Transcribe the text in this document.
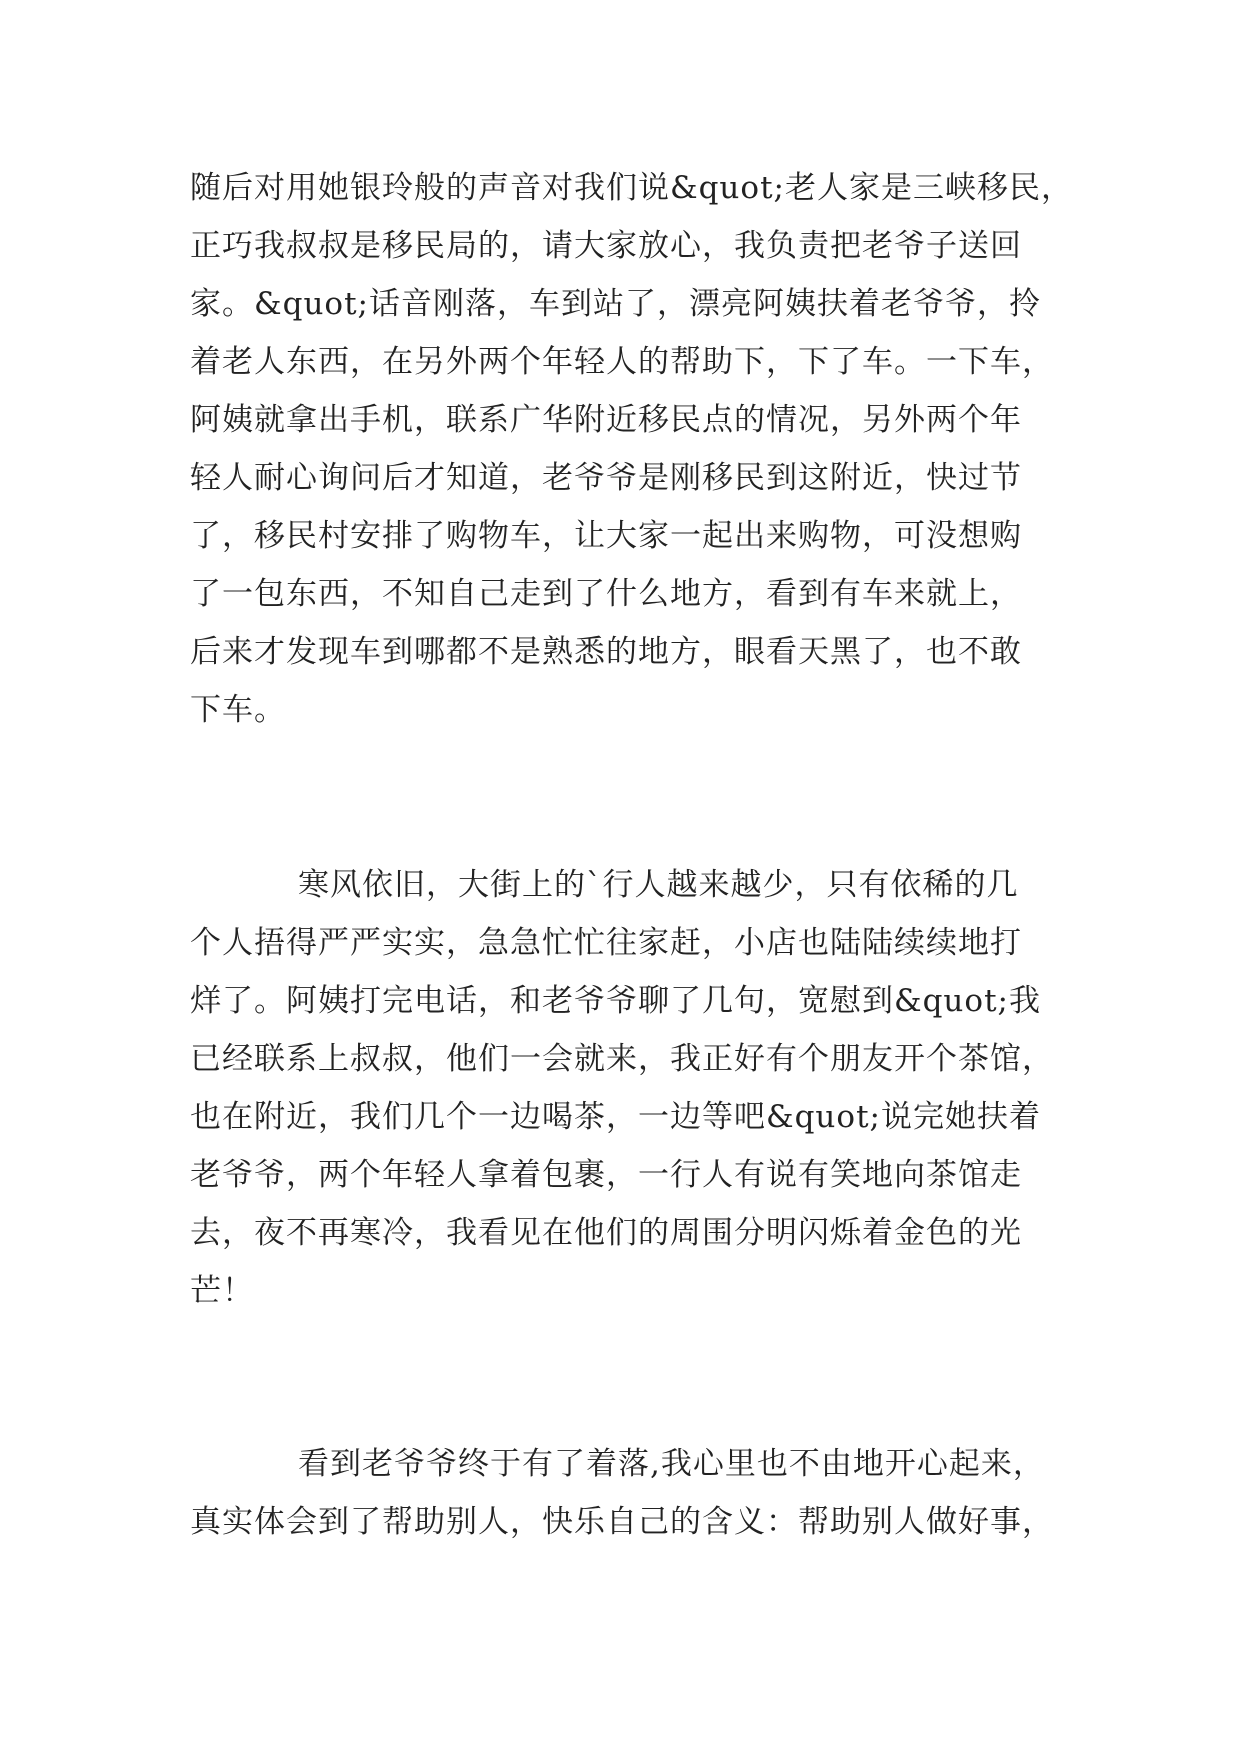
随后对用她银玲般的声音对我们说&quot;老人家是三峡移民，

正巧我叔叔是移民局的，请大家放心，我负责把老爷子送回

家。&quot;话音刚落，车到站了，漂亮阿姨扶着老爷爷，拎

着老人东西，在另外两个年轻人的帮助下，下了车。一下车，

阿姨就拿出手机，联系广华附近移民点的情况，另外两个年

轻人耐心询问后才知道，老爷爷是刚移民到这附近，快过节

了，移民村安排了购物车，让大家一起出来购物，可没想购

了一包东西，不知自己走到了什么地方，看到有车来就上，

后来才发现车到哪都不是熟悉的地方，眼看天黑了，也不敢

下车。

寒风依旧，大街上的`行人越来越少，只有依稀的几

个人捂得严严实实，急急忙忙往家赶，小店也陆陆续续地打

烊了。阿姨打完电话，和老爷爷聊了几句，宽慰到&quot;我

已经联系上叔叔，他们一会就来，我正好有个朋友开个茶馆，

也在附近，我们几个一边喝茶，一边等吧&quot;说完她扶着

老爷爷，两个年轻人拿着包裹，一行人有说有笑地向茶馆走

去，夜不再寒冷，我看见在他们的周围分明闪烁着金色的光

芒！

看到老爷爷终于有了着落,我心里也不由地开心起来，

真实体会到了帮助别人，快乐自己的含义：帮助别人做好事，
